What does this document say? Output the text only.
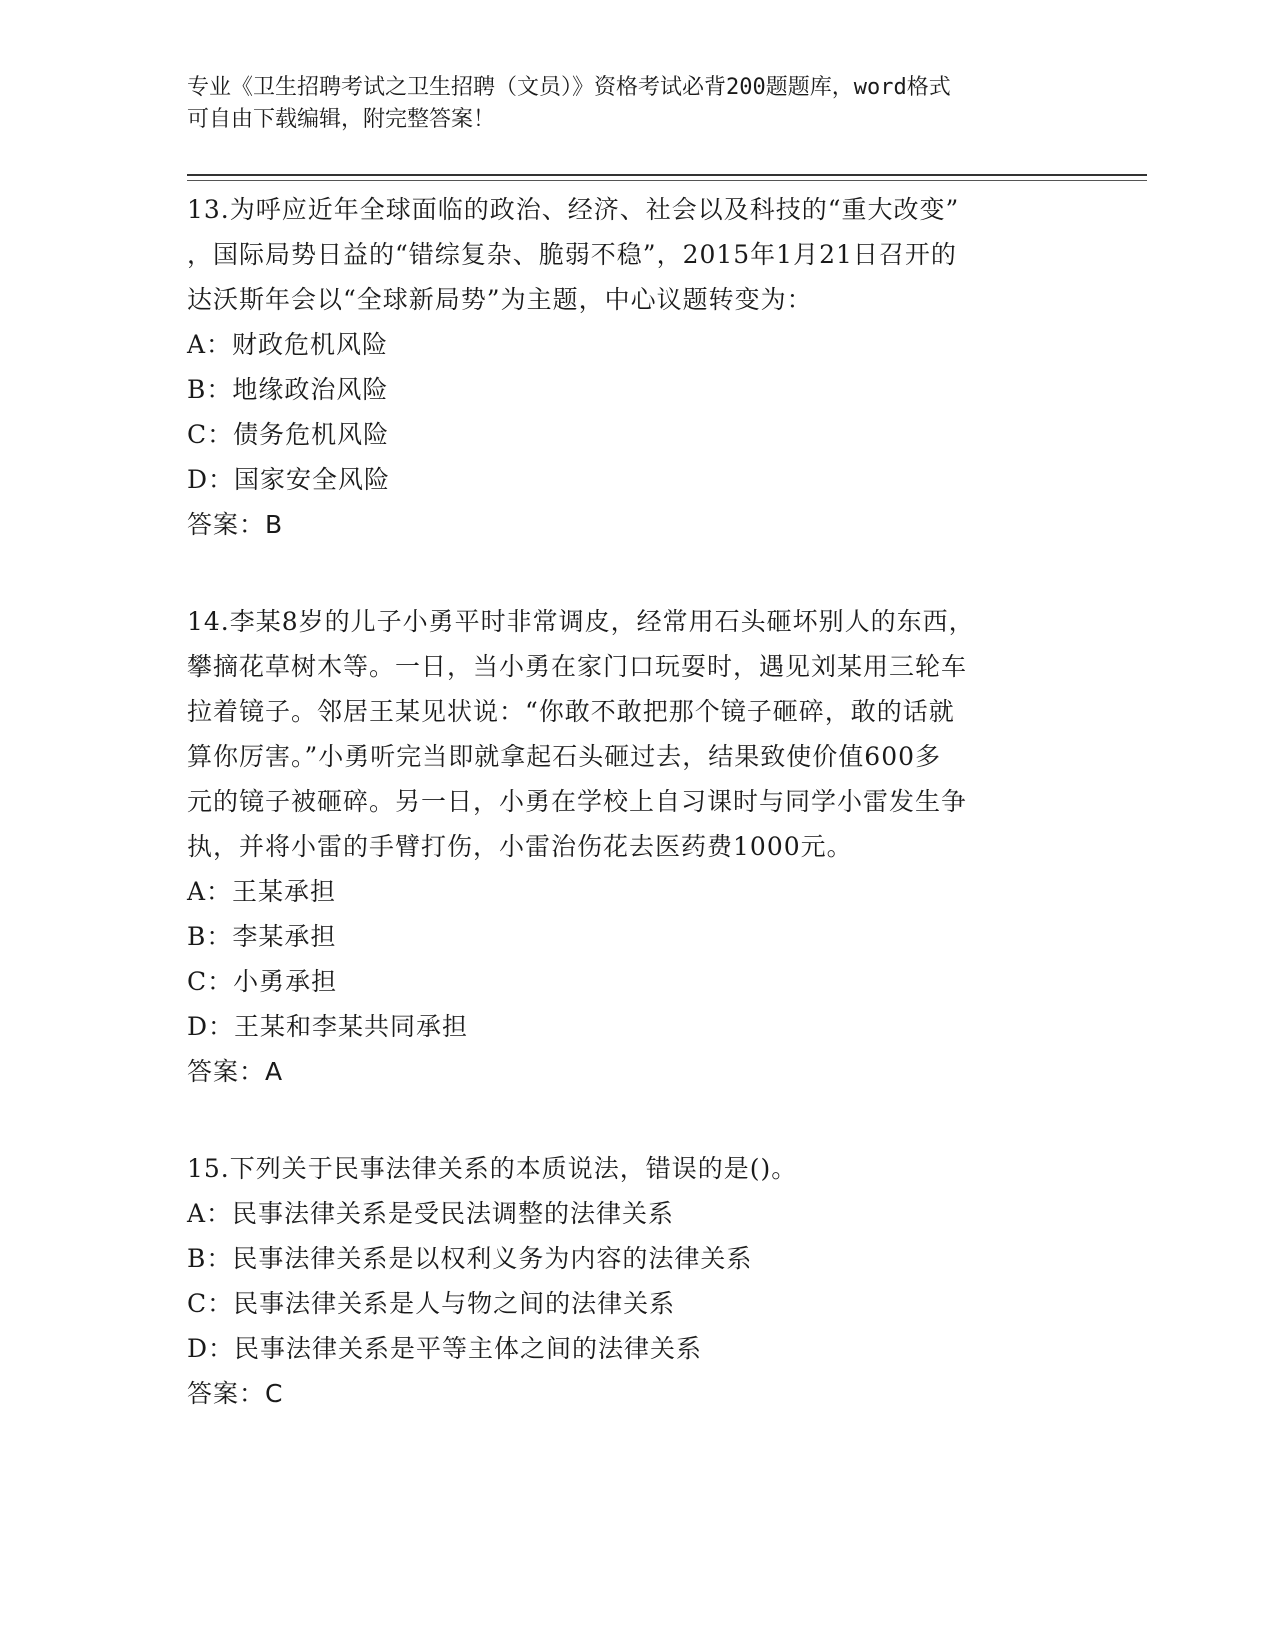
专业《卫生招聘考试之卫生招聘（文员）》资格考试必背200题题库，word格式
可自由下载编辑，附完整答案！
13.为呼应近年全球面临的政治、经济、社会以及科技的“重大改变”
，国际局势日益的“错综复杂、脆弱不稳”，2015年1月21日召开的
达沃斯年会以“全球新局势”为主题，中心议题转变为：
A：财政危机风险
B：地缘政治风险
C：债务危机风险
D：国家安全风险
答案：B
14.李某8岁的儿子小勇平时非常调皮，经常用石头砸坏别人的东西，
攀摘花草树木等。一日，当小勇在家门口玩耍时，遇见刘某用三轮车
拉着镜子。邻居王某见状说：“你敢不敢把那个镜子砸碎，敢的话就
算你厉害。”小勇听完当即就拿起石头砸过去，结果致使价值600多
元的镜子被砸碎。另一日，小勇在学校上自习课时与同学小雷发生争
执，并将小雷的手臂打伤，小雷治伤花去医药费1000元。
A：王某承担
B：李某承担
C：小勇承担
D：王某和李某共同承担
答案：A
15.下列关于民事法律关系的本质说法，错误的是()。
A：民事法律关系是受民法调整的法律关系
B：民事法律关系是以权利义务为内容的法律关系
C：民事法律关系是人与物之间的法律关系
D：民事法律关系是平等主体之间的法律关系
答案：C
